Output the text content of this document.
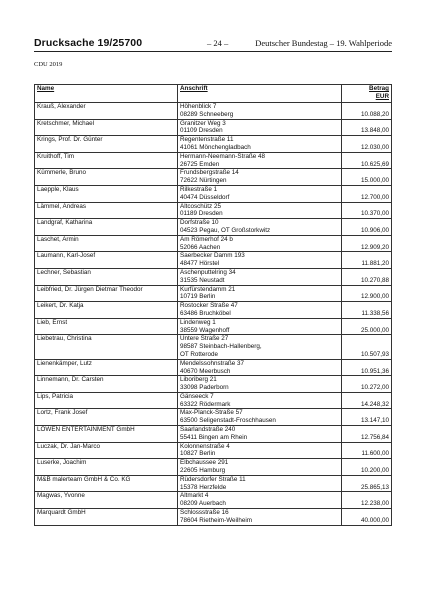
Drucksache 19/25700	– 24 –	Deutscher Bundestag – 19. Wahlperiode
CDU 2019
Name	Anschrift	Betrag
EUR

Krauß, Alexander	Höhenblick 7
08289 Schneeberg	10.088,20
Kretschmer, Michael	Granitzer Weg 3
01109 Dresden	13.848,00
Krings, Prof. Dr. Günter	Regentenstraße 11
41061 Mönchengladbach	12.030,00
Kruithoff, Tim	Hermann-Neemann-Straße 48
26725 Emden	10.625,69
Kümmerle, Bruno	Frundsbergstraße 14
72622 Nürtingen	15.000,00
Laepple, Klaus	Rilkestraße 1
40474 Düsseldorf	12.700,00
Lämmel, Andreas	Altcoschütz 25
01189 Dresden	10.370,00
Landgraf, Katharina	Dorfstraße 10
04523 Pegau, OT Großstorkwitz	10.906,00
Laschet, Armin	Am Römerhof 24 b
52066 Aachen	12.909,20
Laumann, Karl-Josef	Saerbecker Damm 193
48477 Hörstel	11.881,20
Lechner, Sebastian	Aschenputtelring 34
31535 Neustadt	10.270,88
Leibfried, Dr. Jürgen Dietmar Theodor	Kurfürstendamm 21
10719 Berlin	12.900,00
Leikert, Dr. Katja	Rostocker Straße 47
63486 Bruchköbel	11.338,56
Lieb, Ernst	Lindenweg 1
38559 Wagenhoff	25.000,00
Liebetrau, Christina	Untere Straße 27
98587 Steinbach-Hallenberg,
OT Rotterode	10.507,93
Lienenkämper, Lutz	Mendelssohnstraße 37
40670 Meerbusch	10.951,36
Linnemann, Dr. Carsten	Liboriberg 21
33098 Paderborn	10.272,00
Lips, Patricia	Gänseeck 7
63322 Rödermark	14.248,32
Lortz, Frank Josef	Max-Planck-Straße 57
63500 Seligenstadt-Froschhausen	13.147,10
LÖWEN ENTERTAINMENT GmbH	Saarlandstraße 240
55411 Bingen am Rhein	12.756,84
Luczak, Dr. Jan-Marco	Kolonnenstraße 4
10827 Berlin	11.600,00
Luserke, Joachim	Elbchaussee 291
22605 Hamburg	10.200,00
M&B malerteam GmbH & Co. KG	Rüdersdorfer Straße 11
15378 Herzfelde	25.865,13
Magwas, Yvonne	Altmarkt 4
08209 Auerbach	12.238,00
Marquardt GmbH	Schlossstraße 16
78604 Rietheim-Weilheim	40.000,00
